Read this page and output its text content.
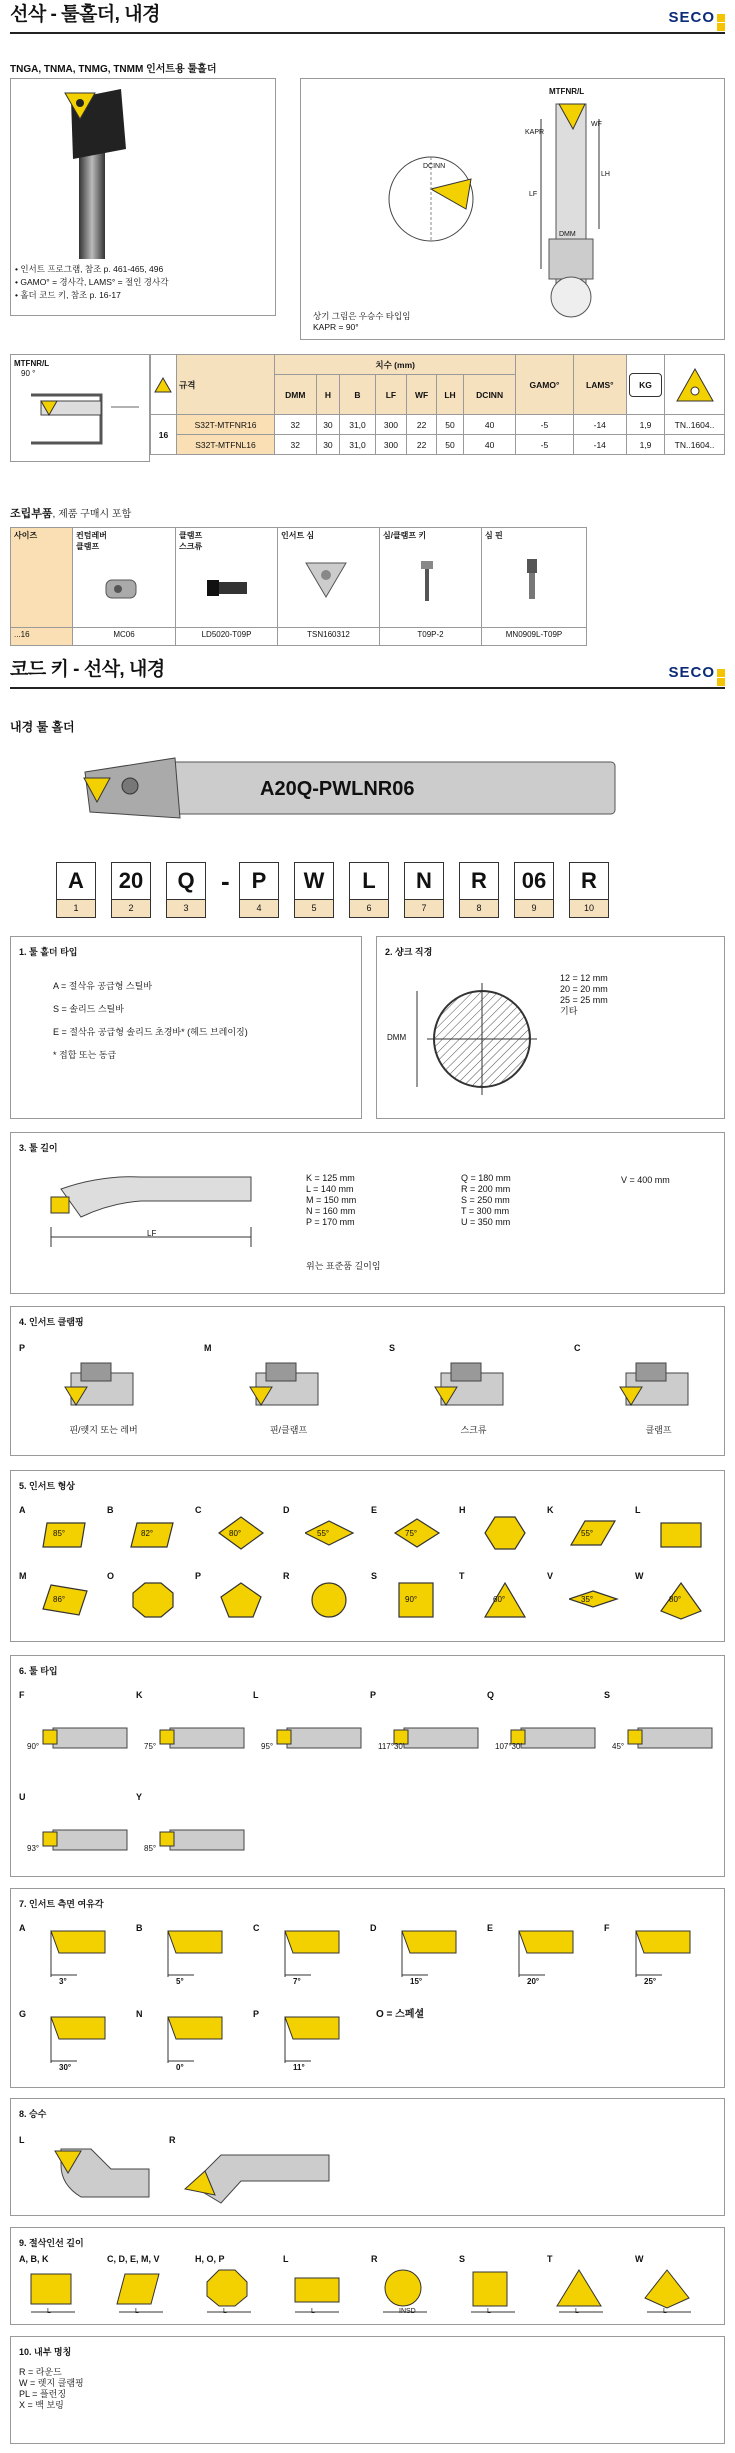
선삭 - 툴홀더, 내경	SECO
TNGA, TNMA, TNMG, TNMM 인서트용 툴홀더
• 인서트 프로그램, 참조 p. 461-465, 496
• GAMO° = 경사각, LAMS° = 절인 경사각
• 홀더 코드 키, 참조 p. 16-17
MTFNR/L
DCINN
WF
KAPR
LF
LH
DMM
상기 그림은 우승수 타입임
KAPR = 90°
MTFNR/L
90 °
	규격	치수 (mm)							GAMO°	LAMS°	KG

		DMM	H	B	LF	WF	LH	DCINN				
16	S32T-MTFNR16	32	30	31,0	300	22	50	40	-5	-14	1,9	TN..1604..
	S32T-MTFNL16	32	30	31,0	300	22	50	40	-5	-14	1,9	TN..1604..
조립부품, 제품 구매시 포함
사이즈	컨텀레버
클램프	클램프
스크류	인서트 심	심/클램프 키	심 핀

...16	MC06	LD5020-T09P	TSN160312	T09P-2	MN0909L-T09P
코드 키 - 선삭, 내경	SECO
내경 툴 홀더
A20Q-PWLNR06
A
1
20
2
Q
3
- P
4
W
5
L
6
N
7
R
8
06
9
R
10
1. 툴 홀더 타입
A = 절삭유 공급형 스틸바
S = 솔리드 스틸바
E = 절삭유 공급형 솔리드 초경바* (헤드 브레이징)
* 접합 또는 동급
2. 샹크 직경
DMM
12 = 12 mm
20 = 20 mm
25 = 25 mm
기타
3. 툴 길이
LF
K = 125 mm
L = 140 mm
M = 150 mm
N = 160 mm
P = 170 mm
Q = 180 mm
R = 200 mm
S = 250 mm
T = 300 mm
U = 350 mm
V = 400 mm
위는 표준품 길이임
4. 인서트 클램핑
P
핀/렛지 또는 레버
M
핀/클램프
S
스크류
C
클램프
5. 인서트 형상
A
85°
B
82°
C
80°
D
55°
E
75°
H	K
55°
L
M
86°
O	P	R	S
90°
T
60°
V
35°
W
80°
6. 툴 타입
F
90°
K
75°
L
95°
P
117°30'
Q
107°30'
S
45°
U
93°
Y
85°
7. 인서트 측면 여유각
O = 스페셜
A
3°
B
5°
C
7°
D
15°
E
20°
F
25°
G
30°
N
0°
P
11°
8. 승수
L	R
9. 절삭인선 길이
A, B, K
L
C, D, E, M, V
L
H, O, P
L
L
L
R
INSD
S
L
T
L
W
L
10. 내부 명칭
R = 라운드
W = 렛지 클램핑
PL = 플런징
X = 백 보링
